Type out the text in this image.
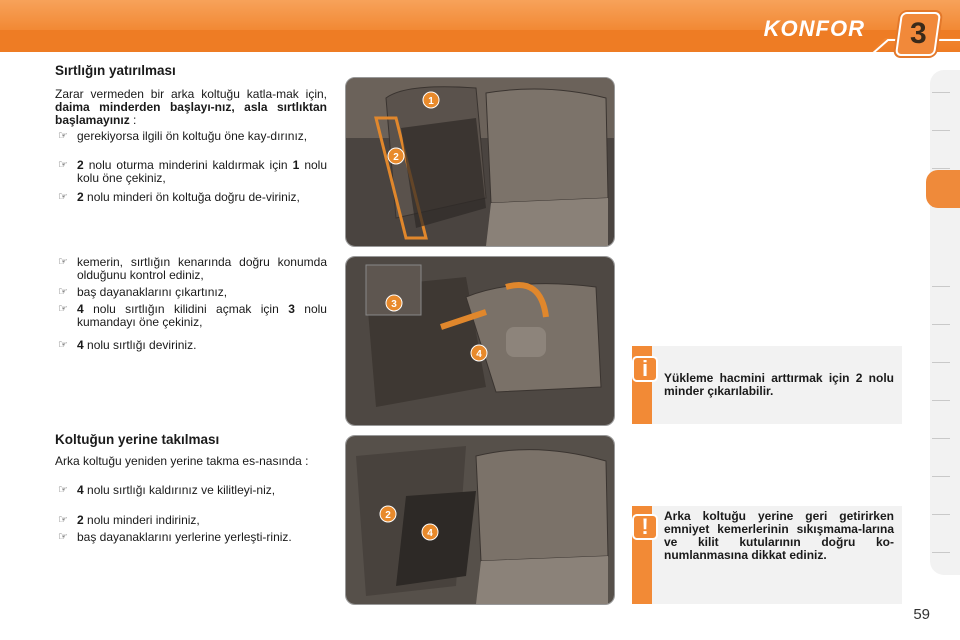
KONFOR 3
Sırtlığın yatırılması
Zarar vermeden bir arka koltuğu katla-mak için, daima minderden başlayı-nız, asla sırtlıktan başlamayınız :
☞ gerekiyorsa ilgili ön koltuğu öne kay-dırınız,
☞ 2 nolu oturma minderini kaldırmak için 1 nolu kolu öne çekiniz,
☞ 2 nolu minderi ön koltuğa doğru de-viriniz,
☞ kemerin, sırtlığın kenarında doğru konumda olduğunu kontrol ediniz,
☞ baş dayanaklarını çıkartınız,
☞ 4 nolu sırtlığın kilidini açmak için 3 nolu kumandayı öne çekiniz,
☞ 4 nolu sırtlığı deviriniz.
Koltuğun yerine takılması
Arka koltuğu yeniden yerine takma es-nasında :
☞ 4 nolu sırtlığı kaldırınız ve kilitleyi-niz,
☞ 2 nolu minderi indiriniz,
☞ baş dayanaklarını yerlerine yerleşti-riniz.
1
2
3
4
2
4
i	Yükleme hacmini arttırmak için 2 nolu minder çıkarılabilir.
!	Arka koltuğu yerine geri getirirken emniyet kemerlerinin sıkışmama-larına ve kilit kutularının doğru ko-numlanmasına dikkat ediniz.
59
